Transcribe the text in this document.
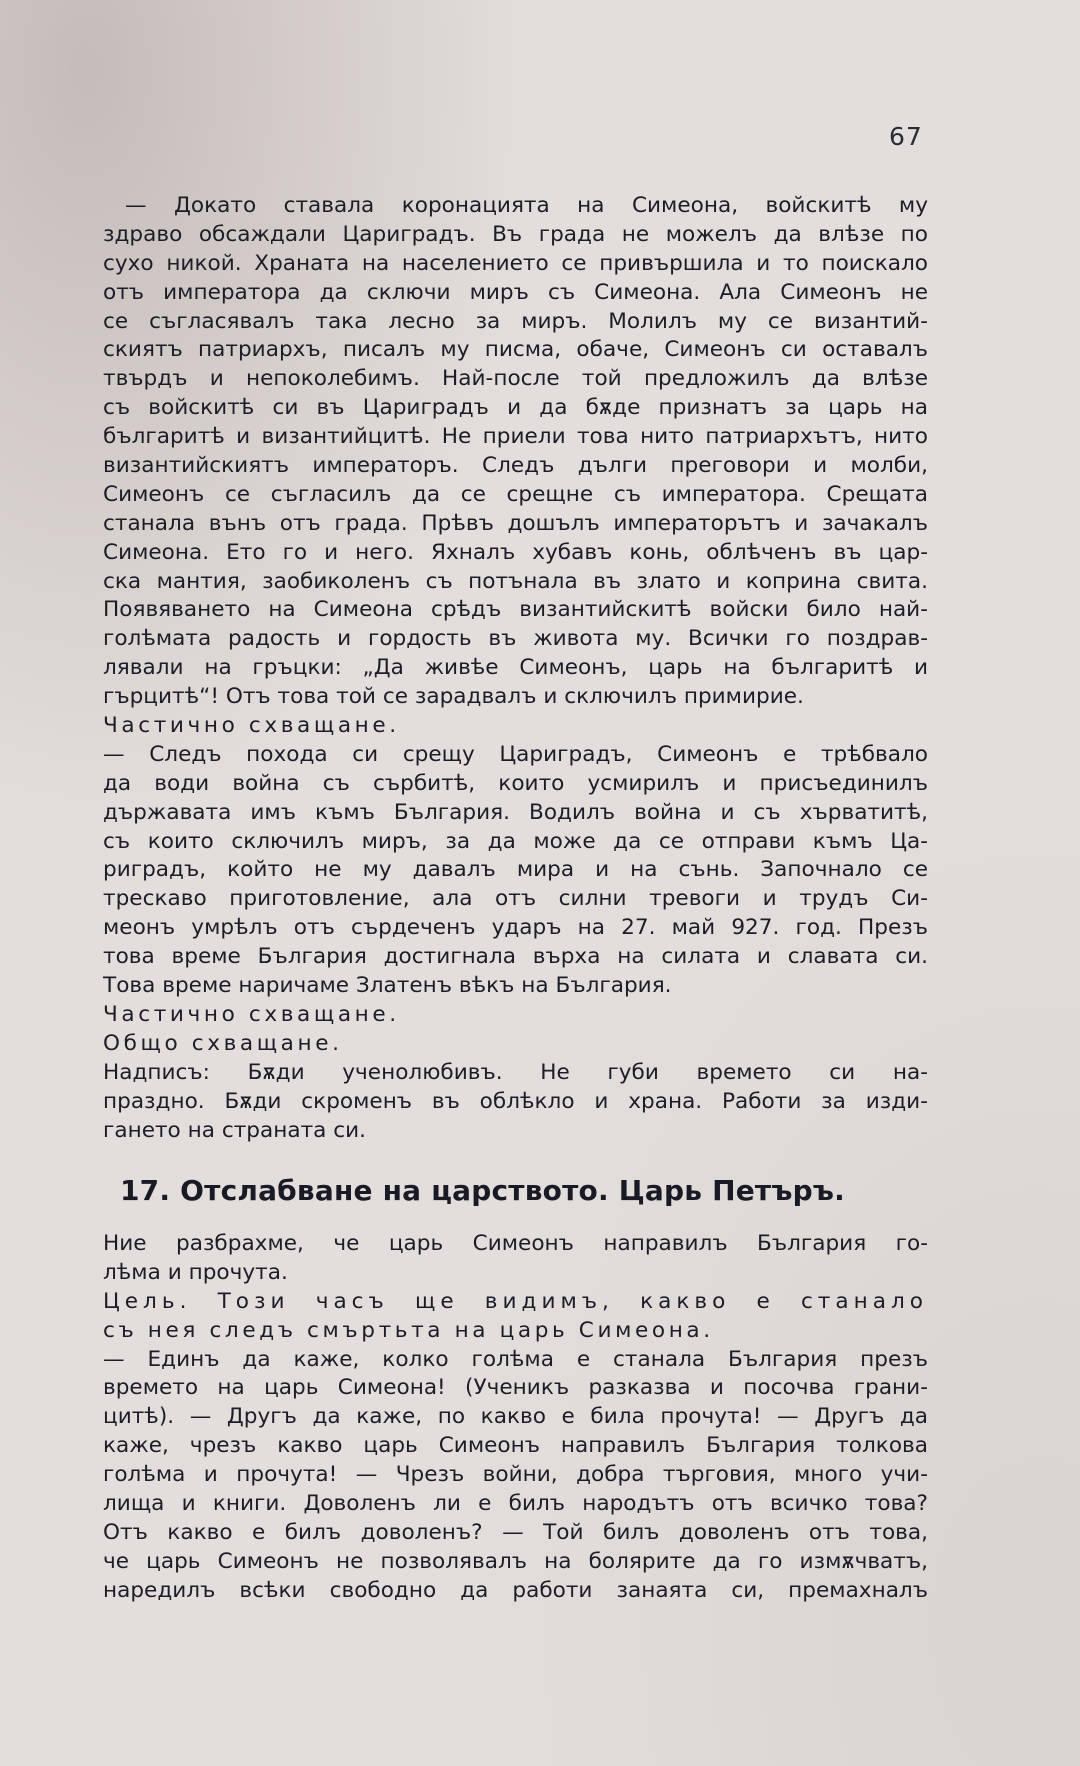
67
— Докато ставала коронацията на Симеона, войскитѣ му
здраво обсаждали Цариградъ. Въ града не можелъ да влѣзе по
сухо никой. Храната на населението се привършила и то поискало
отъ императора да сключи миръ съ Симеона. Ала Симеонъ не
се съгласявалъ така лесно за миръ. Молилъ му се византий-
скиятъ патриархъ, писалъ му писма, обаче, Симеонъ си оставалъ
твърдъ и непоколебимъ. Най-после той предложилъ да влѣзе
съ войскитѣ си въ Цариградъ и да бѫде признатъ за царь на
българитѣ и византийцитѣ. Не приели това нито патриархътъ, нито
византийскиятъ императоръ. Следъ дълги преговори и молби,
Симеонъ се съгласилъ да се срещне съ императора. Срещата
станала вънъ отъ града. Прѣвъ дошълъ императорътъ и зачакалъ
Симеона. Ето го и него. Яхналъ хубавъ конь, облѣченъ въ цар-
ска мантия, заобиколенъ съ потънала въ злато и коприна свита.
Появяването на Симеона срѣдъ византийскитѣ войски било най-
голѣмата радость и гордость въ живота му. Всички го поздрав-
лявали на гръцки: „Да живѣе Симеонъ, царь на българитѣ и
гърцитѣ“! Отъ това той се зарадвалъ и сключилъ примирие.
Частично схващане.
— Следъ похода си срещу Цариградъ, Симеонъ е трѣбвало
да води война съ сърбитѣ, които усмирилъ и присъединилъ
държавата имъ къмъ България. Водилъ война и съ хърватитѣ,
съ които сключилъ миръ, за да може да се отправи къмъ Ца-
риградъ, който не му давалъ мира и на сънь. Започнало се
трескаво приготовление, ала отъ силни тревоги и трудъ Си-
меонъ умрѣлъ отъ сърдеченъ ударъ на 27. май 927. год. Презъ
това време България достигнала върха на силата и славата си.
Това време наричаме Златенъ вѣкъ на България.
Частично схващане.
Общо схващане.
Надписъ: Бѫди ученолюбивъ. Не губи времето си на-
праздно. Бѫди скроменъ въ облѣкло и храна. Работи за изди-
гането на страната си.
17. Отслабване на царството. Царь Петъръ.
Ние разбрахме, че царь Симеонъ направилъ България го-
лѣма и прочута.
Цель. Този часъ ще видимъ, какво е станало
съ нея следъ смъртьта на царь Симеона.
— Единъ да каже, колко голѣма е станала България презъ
времето на царь Симеона! (Ученикъ разказва и посочва грани-
цитѣ). — Другъ да каже, по какво е била прочута! — Другъ да
каже, чрезъ какво царь Симеонъ направилъ България толкова
голѣма и прочута! — Чрезъ войни, добра търговия, много учи-
лища и книги. Доволенъ ли е билъ народътъ отъ всичко това?
Отъ какво е билъ доволенъ? — Той билъ доволенъ отъ това,
че царь Симеонъ не позволявалъ на болярите да го измѫчватъ,
наредилъ всѣки свободно да работи занаята си, премахналъ
